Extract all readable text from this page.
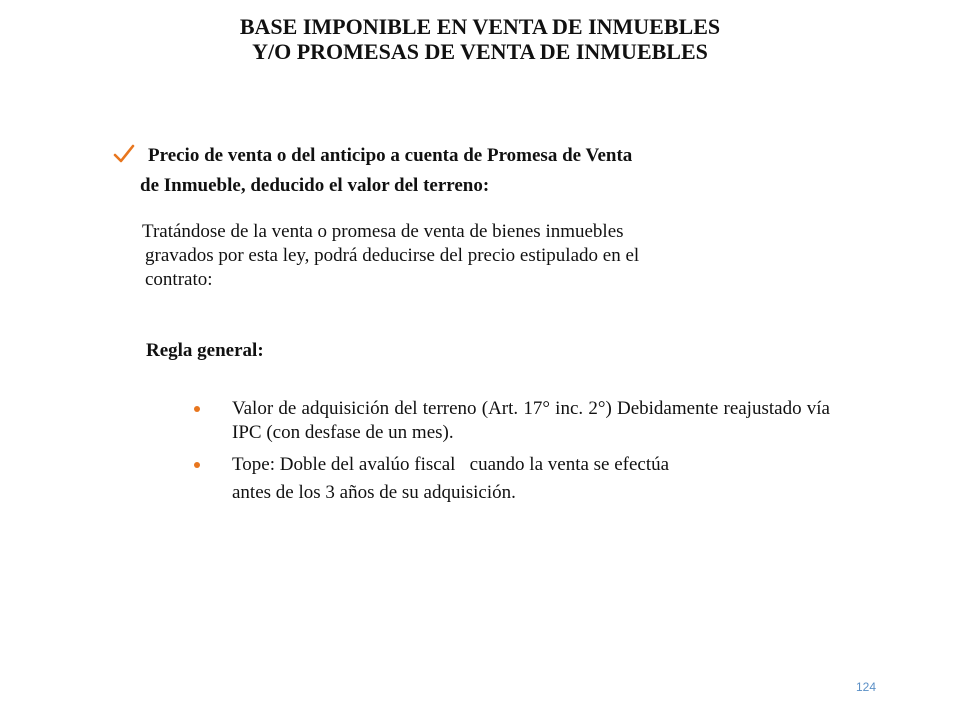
BASE IMPONIBLE EN VENTA DE INMUEBLES
Y/O PROMESAS DE VENTA DE INMUEBLES
Precio de venta o del anticipo a cuenta de Promesa de Venta
de Inmueble, deducido el valor del terreno:
Tratándose de la venta o promesa de venta de bienes inmuebles
gravados por esta ley, podrá deducirse del precio estipulado en el
contrato:
Regla general:
Valor de adquisición del terreno (Art. 17° inc. 2°) Debidamente reajustado vía IPC (con desfase de un mes).
Tope: Doble del avalúo fiscal   cuando la venta se efectúa
antes de los 3 años de su adquisición.
124
